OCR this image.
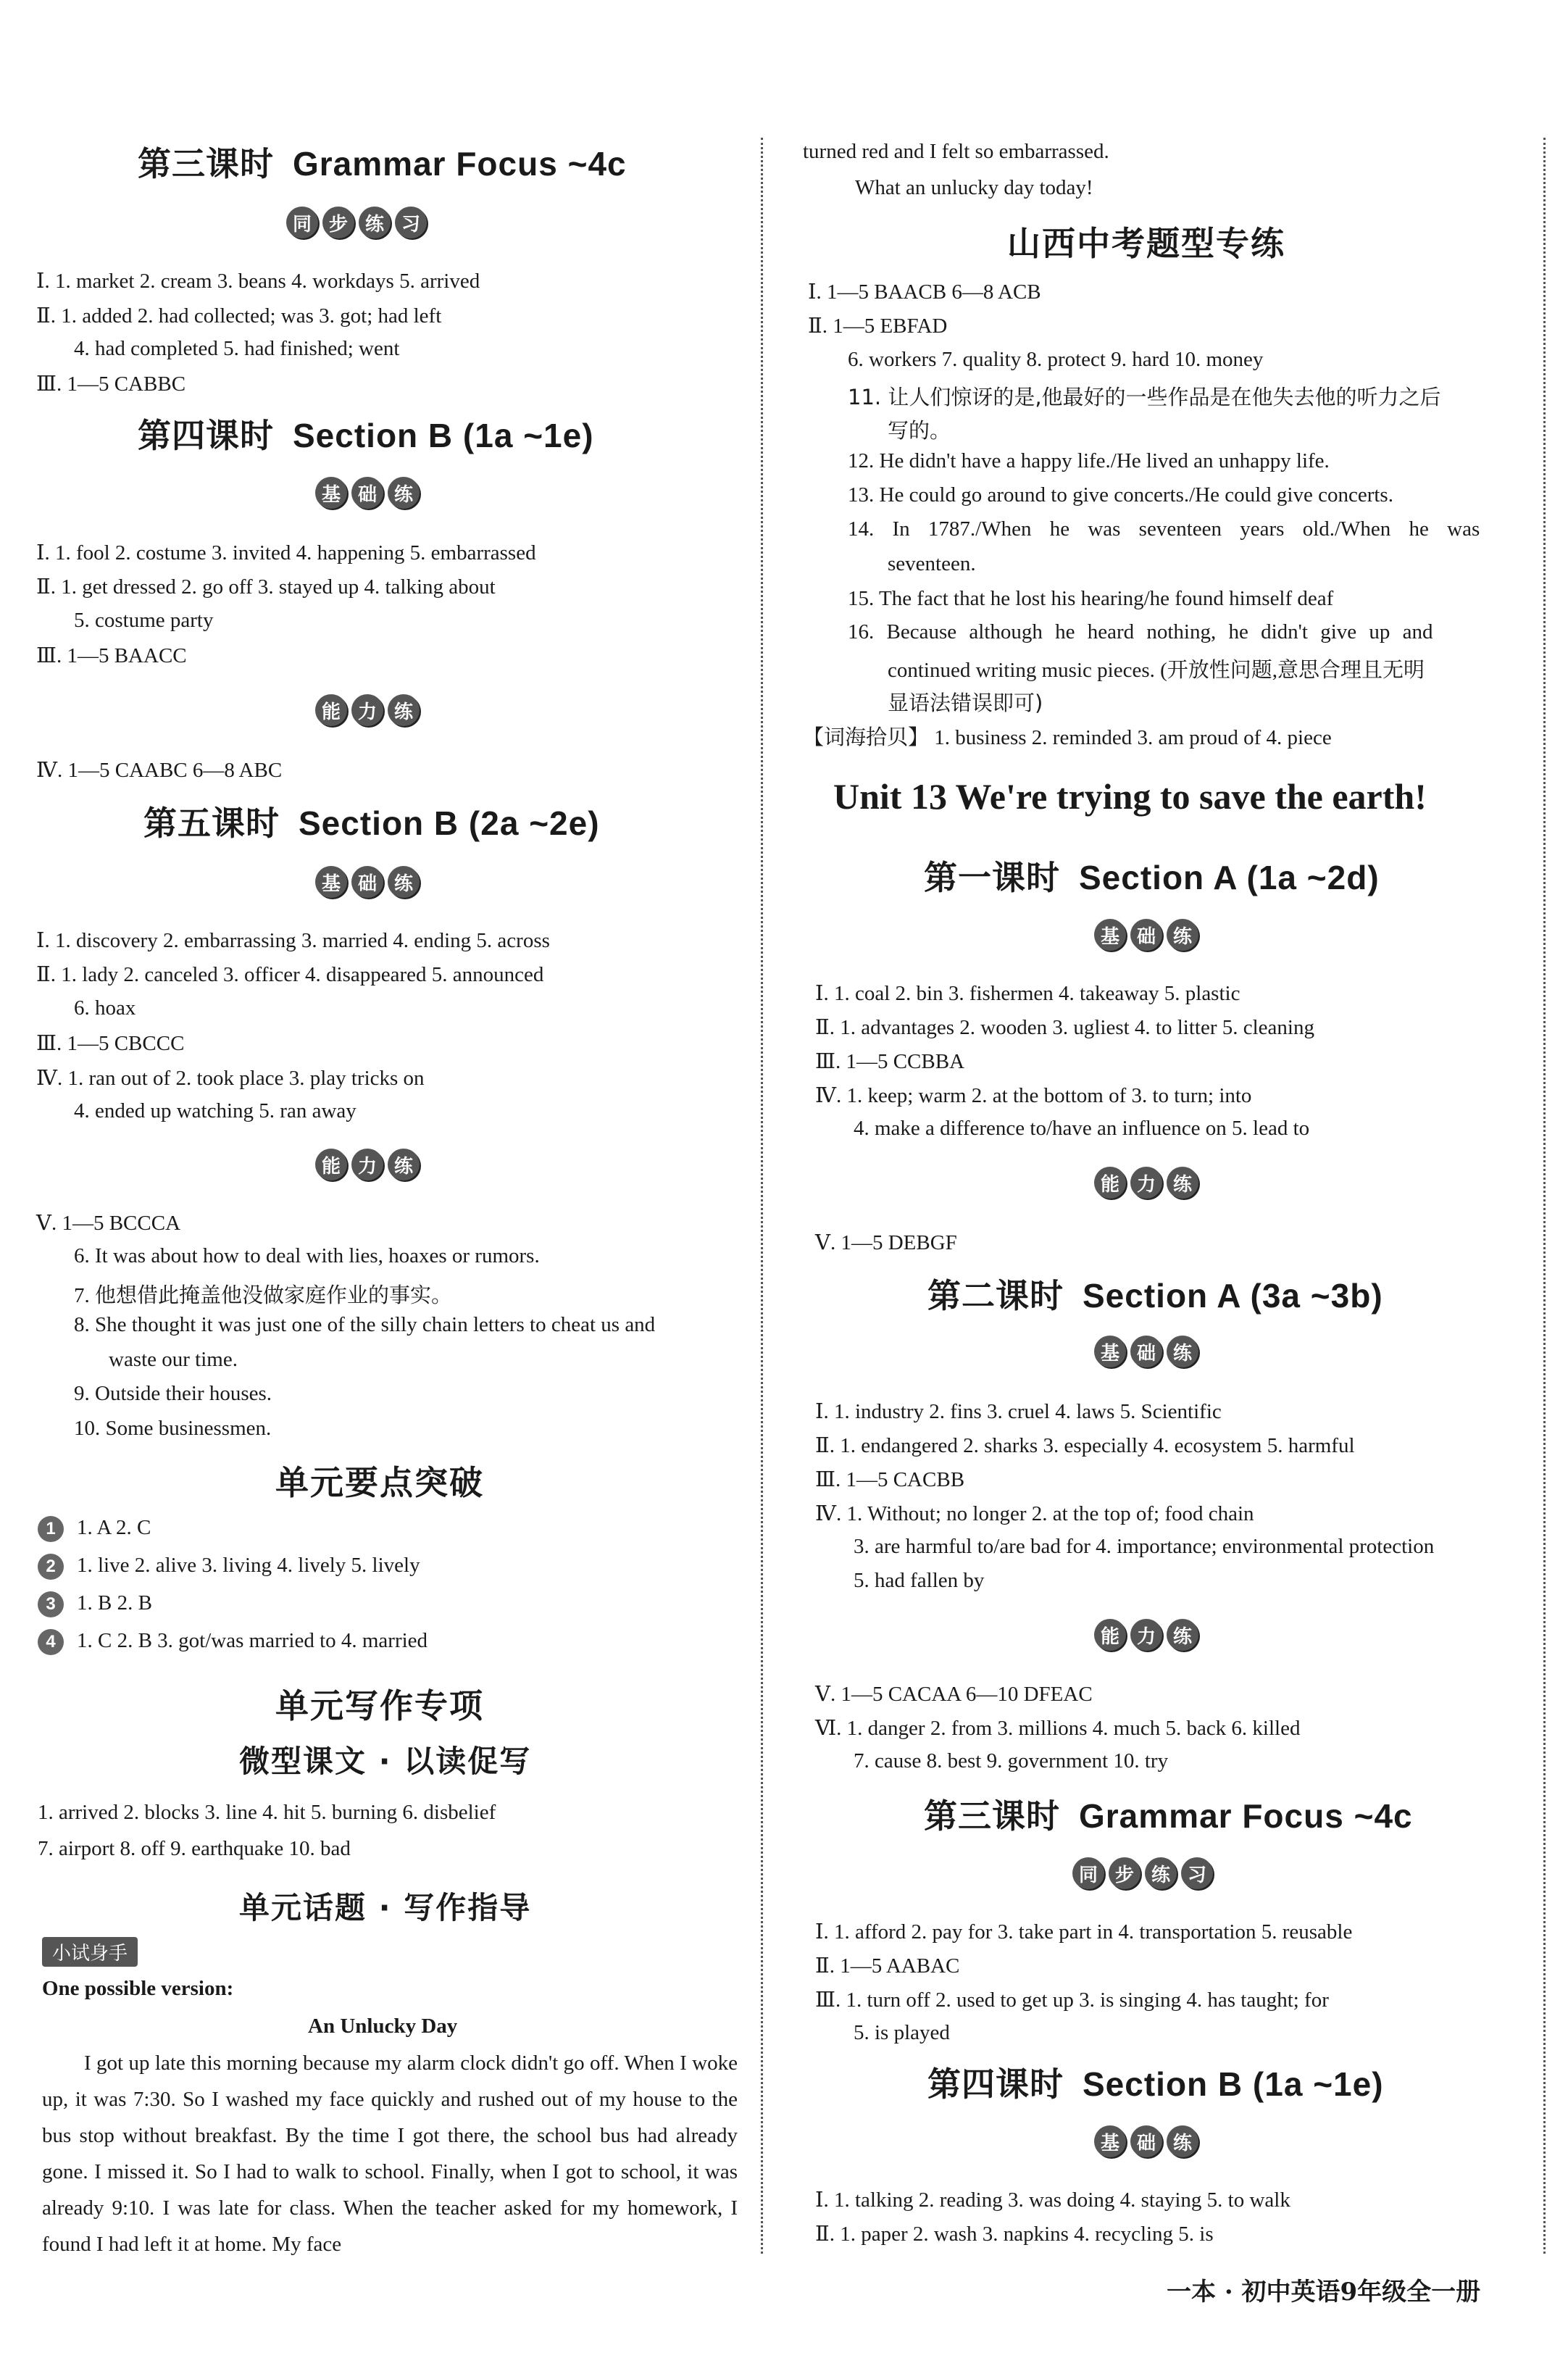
第三课时 Grammar Focus ~4c
同 步 练 习
Ⅰ. 1. market 2. cream 3. beans 4. workdays 5. arrived
Ⅱ. 1. added 2. had collected; was 3. got; had left
4. had completed 5. had finished; went
Ⅲ. 1—5 CABBC
第四课时 Section B (1a ~1e)
基 础 练
Ⅰ. 1. fool 2. costume 3. invited 4. happening 5. embarrassed
Ⅱ. 1. get dressed 2. go off 3. stayed up 4. talking about
5. costume party
Ⅲ. 1—5 BAACC
能 力 练
Ⅳ. 1—5 CAABC 6—8 ABC
第五课时 Section B (2a ~2e)
基 础 练
Ⅰ. 1. discovery 2. embarrassing 3. married 4. ending 5. across
Ⅱ. 1. lady 2. canceled 3. officer 4. disappeared 5. announced
6. hoax
Ⅲ. 1—5 CBCCC
Ⅳ. 1. ran out of 2. took place 3. play tricks on
4. ended up watching 5. ran away
能 力 练
Ⅴ. 1—5 BCCCA
6. It was about how to deal with lies, hoaxes or rumors.
7. 他想借此掩盖他没做家庭作业的事实。
8. She thought it was just one of the silly chain letters to cheat us and
waste our time.
9. Outside their houses.
10. Some businessmen.
单元要点突破
1 1. A 2. C
2 1. live 2. alive 3. living 4. lively 5. lively
3 1. B 2. B
4 1. C 2. B 3. got/was married to 4. married
单元写作专项
微型课文 · 以读促写
1. arrived 2. blocks 3. line 4. hit 5. burning 6. disbelief
7. airport 8. off 9. earthquake 10. bad
单元话题 · 写作指导
小试身手
One possible version:
An Unlucky Day
I got up late this morning because my alarm clock didn't go off. When I woke up, it was 7:30. So I washed my face quickly and rushed out of my house to the bus stop without breakfast. By the time I got there, the school bus had already gone. I missed it. So I had to walk to school. Finally, when I got to school, it was already 9:10. I was late for class. When the teacher asked for my homework, I found I had left it at home. My face
turned red and I felt so embarrassed.
What an unlucky day today!
山西中考题型专练
Ⅰ. 1—5 BAACB 6—8 ACB
Ⅱ. 1—5 EBFAD
6. workers 7. quality 8. protect 9. hard 10. money
11. 让人们惊讶的是,他最好的一些作品是在他失去他的听力之后
写的。
12. He didn't have a happy life./He lived an unhappy life.
13. He could go around to give concerts./He could give concerts.
14. In 1787./When he was seventeen years old./When he was
seventeen.
15. The fact that he lost his hearing/he found himself deaf
16. Because although he heard nothing, he didn't give up and
continued writing music pieces. (开放性问题,意思合理且无明
显语法错误即可)
【词海拾贝】 1. business 2. reminded 3. am proud of 4. piece
Unit 13 We're trying to save the earth!
第一课时 Section A (1a ~2d)
基 础 练
Ⅰ. 1. coal 2. bin 3. fishermen 4. takeaway 5. plastic
Ⅱ. 1. advantages 2. wooden 3. ugliest 4. to litter 5. cleaning
Ⅲ. 1—5 CCBBA
Ⅳ. 1. keep; warm 2. at the bottom of 3. to turn; into
4. make a difference to/have an influence on 5. lead to
能 力 练
Ⅴ. 1—5 DEBGF
第二课时 Section A (3a ~3b)
基 础 练
Ⅰ. 1. industry 2. fins 3. cruel 4. laws 5. Scientific
Ⅱ. 1. endangered 2. sharks 3. especially 4. ecosystem 5. harmful
Ⅲ. 1—5 CACBB
Ⅳ. 1. Without; no longer 2. at the top of; food chain
3. are harmful to/are bad for 4. importance; environmental protection
5. had fallen by
能 力 练
Ⅴ. 1—5 CACAA 6—10 DFEAC
Ⅵ. 1. danger 2. from 3. millions 4. much 5. back 6. killed
7. cause 8. best 9. government 10. try
第三课时 Grammar Focus ~4c
同 步 练 习
Ⅰ. 1. afford 2. pay for 3. take part in 4. transportation 5. reusable
Ⅱ. 1—5 AABAC
Ⅲ. 1. turn off 2. used to get up 3. is singing 4. has taught; for
5. is played
第四课时 Section B (1a ~1e)
基 础 练
Ⅰ. 1. talking 2. reading 3. was doing 4. staying 5. to walk
Ⅱ. 1. paper 2. wash 3. napkins 4. recycling 5. is
一本 · 初中英语9年级全一册
